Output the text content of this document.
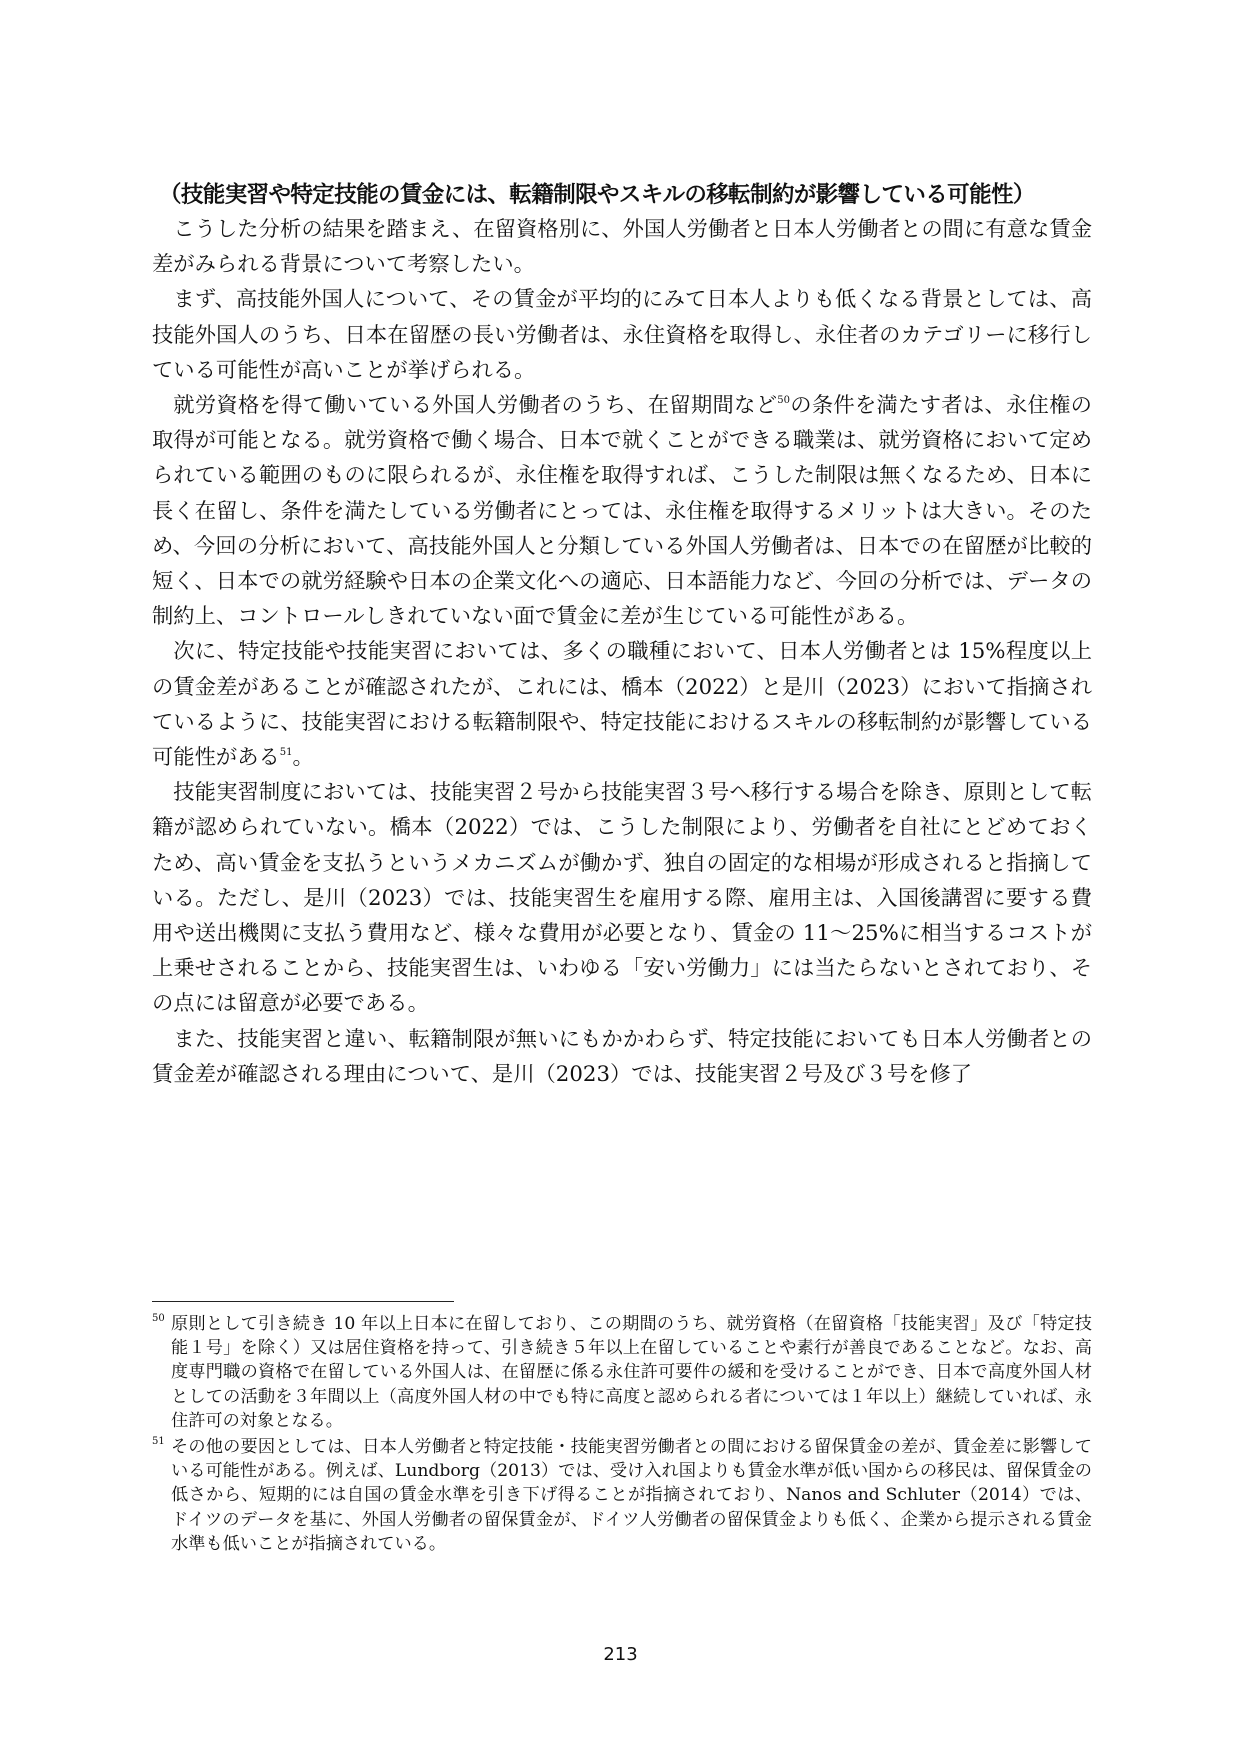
（技能実習や特定技能の賃金には、転籍制限やスキルの移転制約が影響している可能性）

こうした分析の結果を踏まえ、在留資格別に、外国人労働者と日本人労働者との間に有意な賃金差がみられる背景について考察したい。

まず、高技能外国人について、その賃金が平均的にみて日本人よりも低くなる背景としては、高技能外国人のうち、日本在留歴の長い労働者は、永住資格を取得し、永住者のカテゴリーに移行している可能性が高いことが挙げられる。

就労資格を得て働いている外国人労働者のうち、在留期間など$^{50}$の条件を満たす者は、永住権の取得が可能となる。就労資格で働く場合、日本で就くことができる職業は、就労資格において定められている範囲のものに限られるが、永住権を取得すれば、こうした制限は無くなるため、日本に長く在留し、条件を満たしている労働者にとっては、永住権を取得するメリットは大きい。そのため、今回の分析において、高技能外国人と分類している外国人労働者は、日本での在留歴が比較的短く、日本での就労経験や日本の企業文化への適応、日本語能力など、今回の分析では、データの制約上、コントロールしきれていない面で賃金に差が生じている可能性がある。

次に、特定技能や技能実習においては、多くの職種において、日本人労働者とは 15%程度以上の賃金差があることが確認されたが、これには、橋本（2022）と是川（2023）において指摘されているように、技能実習における転籍制限や、特定技能におけるスキルの移転制約が影響している可能性がある$^{51}$。

技能実習制度においては、技能実習２号から技能実習３号へ移行する場合を除き、原則として転籍が認められていない。橋本（2022）では、こうした制限により、労働者を自社にとどめておくため、高い賃金を支払うというメカニズムが働かず、独自の固定的な相場が形成されると指摘している。ただし、是川（2023）では、技能実習生を雇用する際、雇用主は、入国後講習に要する費用や送出機関に支払う費用など、様々な費用が必要となり、賃金の 11～25%に相当するコストが上乗せされることから、技能実習生は、いわゆる「安い労働力」には当たらないとされており、その点には留意が必要である。

また、技能実習と違い、転籍制限が無いにもかかわらず、特定技能においても日本人労働者との賃金差が確認される理由について、是川（2023）では、技能実習２号及び３号を修了

50 原則として引き続き 10 年以上日本に在留しており、この期間のうち、就労資格（在留資格「技能実習」及び「特定技能１号」を除く）又は居住資格を持って、引き続き５年以上在留していることや素行が善良であることなど。なお、高度専門職の資格で在留している外国人は、在留歴に係る永住許可要件の緩和を受けることができ、日本で高度外国人材としての活動を３年間以上（高度外国人材の中でも特に高度と認められる者については１年以上）継続していれば、永住許可の対象となる。
51 その他の要因としては、日本人労働者と特定技能・技能実習労働者との間における留保賃金の差が、賃金差に影響している可能性がある。例えば、Lundborg（2013）では、受け入れ国よりも賃金水準が低い国からの移民は、留保賃金の低さから、短期的には自国の賃金水準を引き下げ得ることが指摘されており、Nanos and Schluter（2014）では、ドイツのデータを基に、外国人労働者の留保賃金が、ドイツ人労働者の留保賃金よりも低く、企業から提示される賃金水準も低いことが指摘されている。
213
